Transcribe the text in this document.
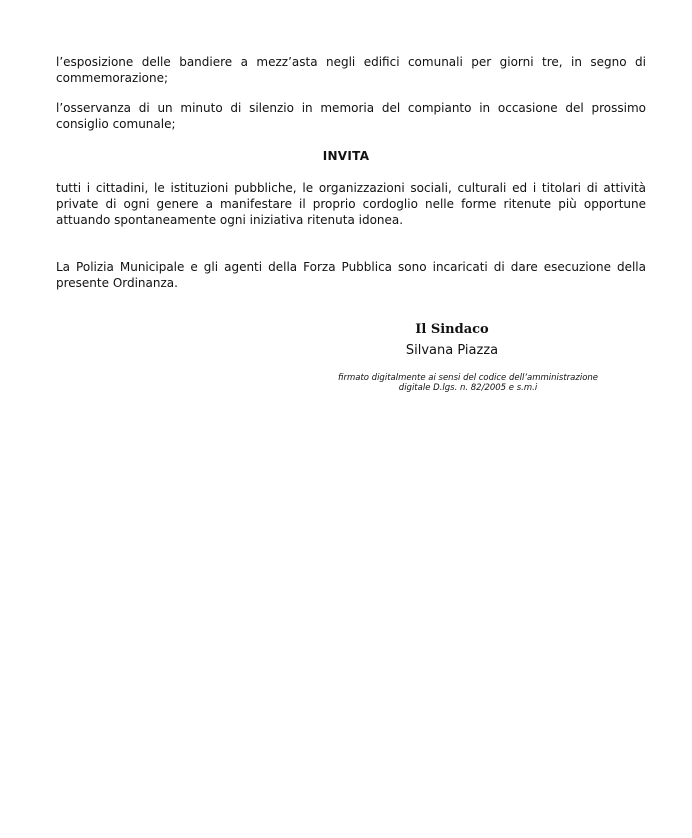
l’esposizione delle bandiere a mezz’asta negli edifici comunali per giorni tre, in segno di commemorazione;

l’osservanza di un minuto di silenzio in memoria del compianto in occasione del prossimo consiglio comunale;

INVITA

tutti i cittadini, le istituzioni pubbliche, le organizzazioni sociali, culturali ed i titolari di attività private di ogni genere a manifestare il proprio cordoglio nelle forme ritenute più opportune attuando spontaneamente ogni iniziativa ritenuta idonea.

La Polizia Municipale e gli agenti della Forza Pubblica sono incaricati di dare esecuzione della presente Ordinanza.

Il Sindaco

Silvana Piazza

firmato digitalmente ai sensi del codice dell’amministrazione
digitale D.lgs. n. 82/2005 e s.m.i
